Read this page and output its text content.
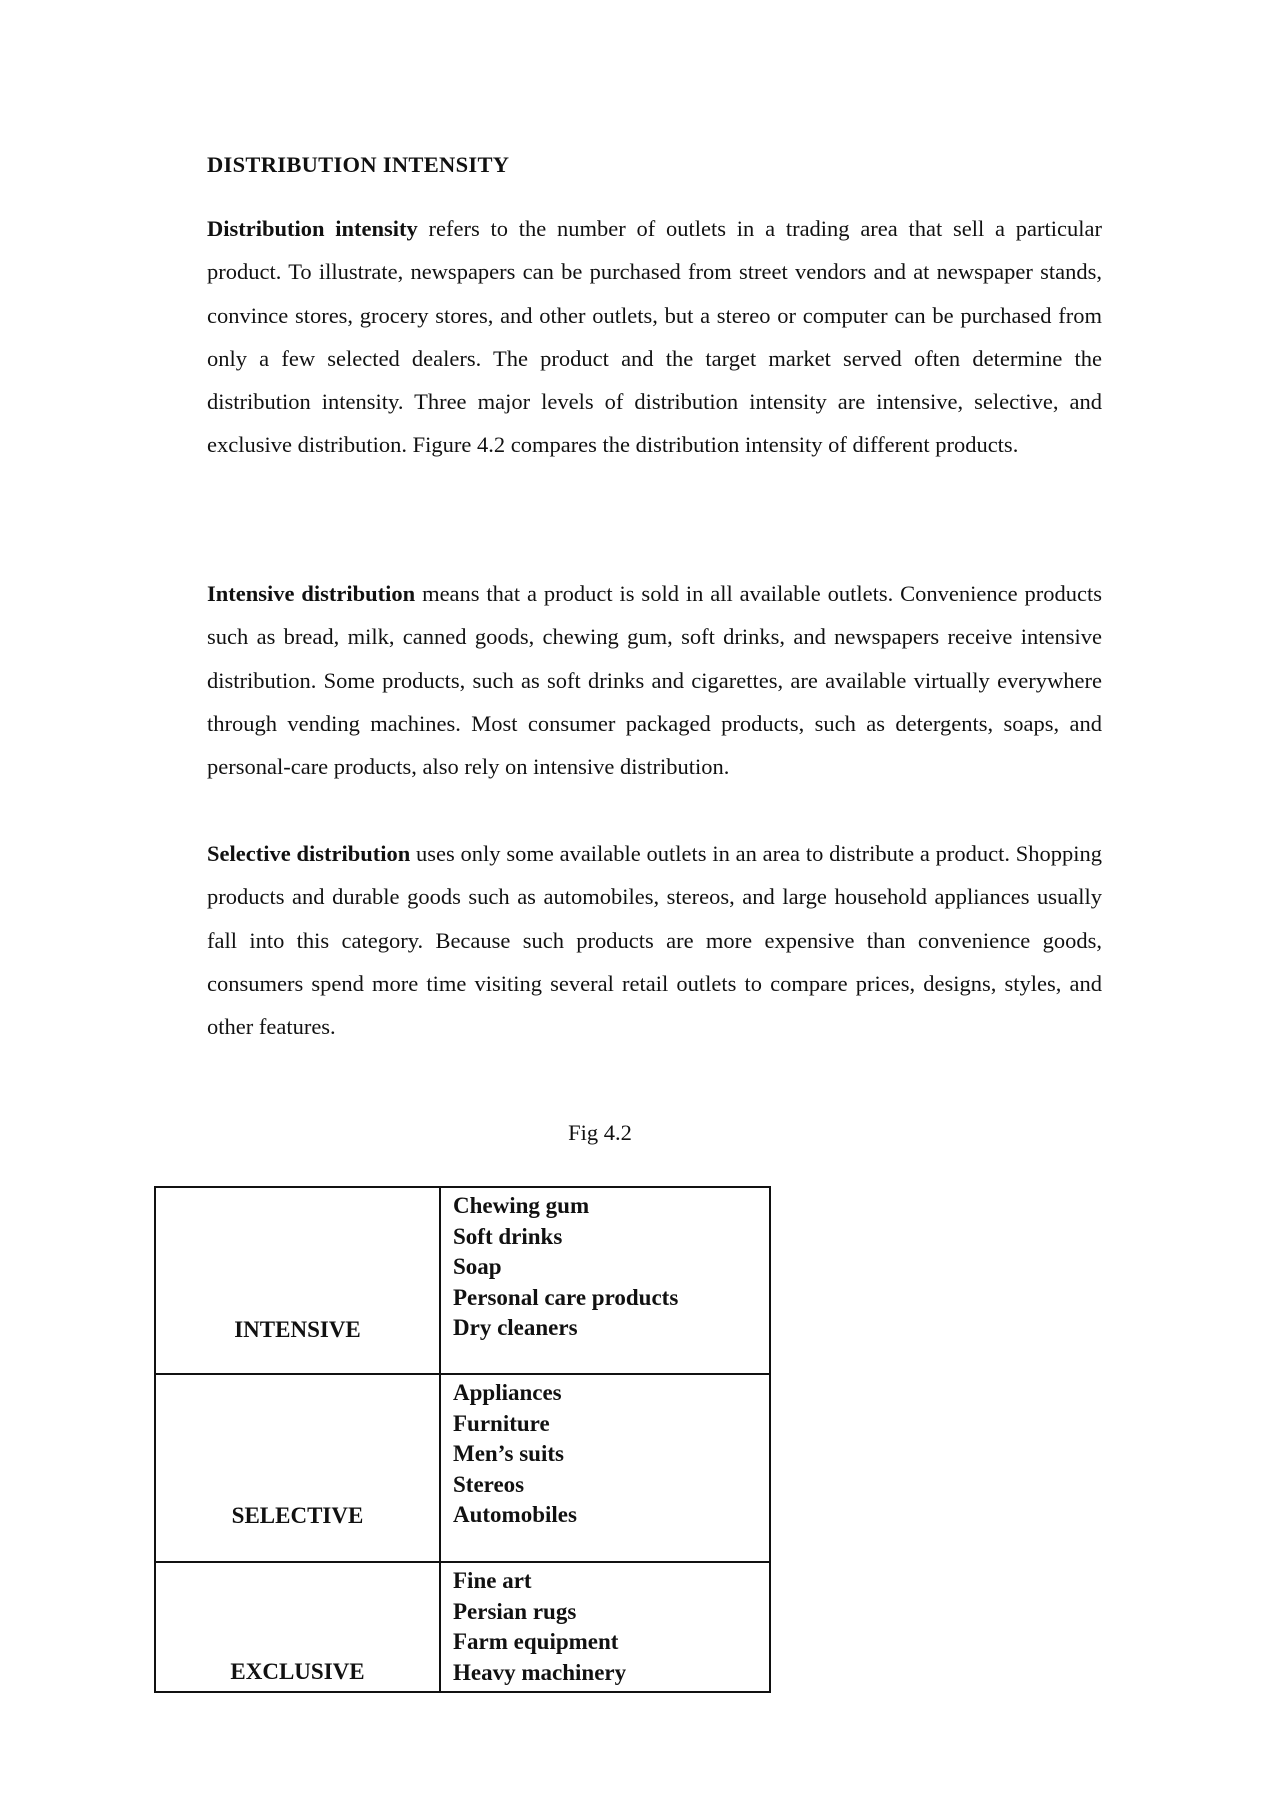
DISTRIBUTION INTENSITY

Distribution intensity refers to the number of outlets in a trading area that sell a particular product. To illustrate, newspapers can be purchased from street vendors and at newspaper stands, convince stores, grocery stores, and other outlets, but a stereo or computer can be purchased from only a few selected dealers. The product and the target market served often determine the distribution intensity. Three major levels of distribution intensity are intensive, selective, and exclusive distribution. Figure 4.2 compares the distribution intensity of different products.

Intensive distribution means that a product is sold in all available outlets. Convenience products such as bread, milk, canned goods, chewing gum, soft drinks, and newspapers receive intensive distribution. Some products, such as soft drinks and cigarettes, are available virtually everywhere through vending machines. Most consumer packaged products, such as detergents, soaps, and personal-care products, also rely on intensive distribution.

Selective distribution uses only some available outlets in an area to distribute a product. Shopping products and durable goods such as automobiles, stereos, and large household appliances usually fall into this category. Because such products are more expensive than convenience goods, consumers spend more time visiting several retail outlets to compare prices, designs, styles, and other features.

Fig 4.2

INTENSIVE	Chewing gum
Soft drinks
Soap
Personal care products
Dry cleaners

SELECTIVE	Appliances
Furniture
Men’s suits
Stereos
Automobiles

EXCLUSIVE	Fine art
Persian rugs
Farm equipment
Heavy machinery
